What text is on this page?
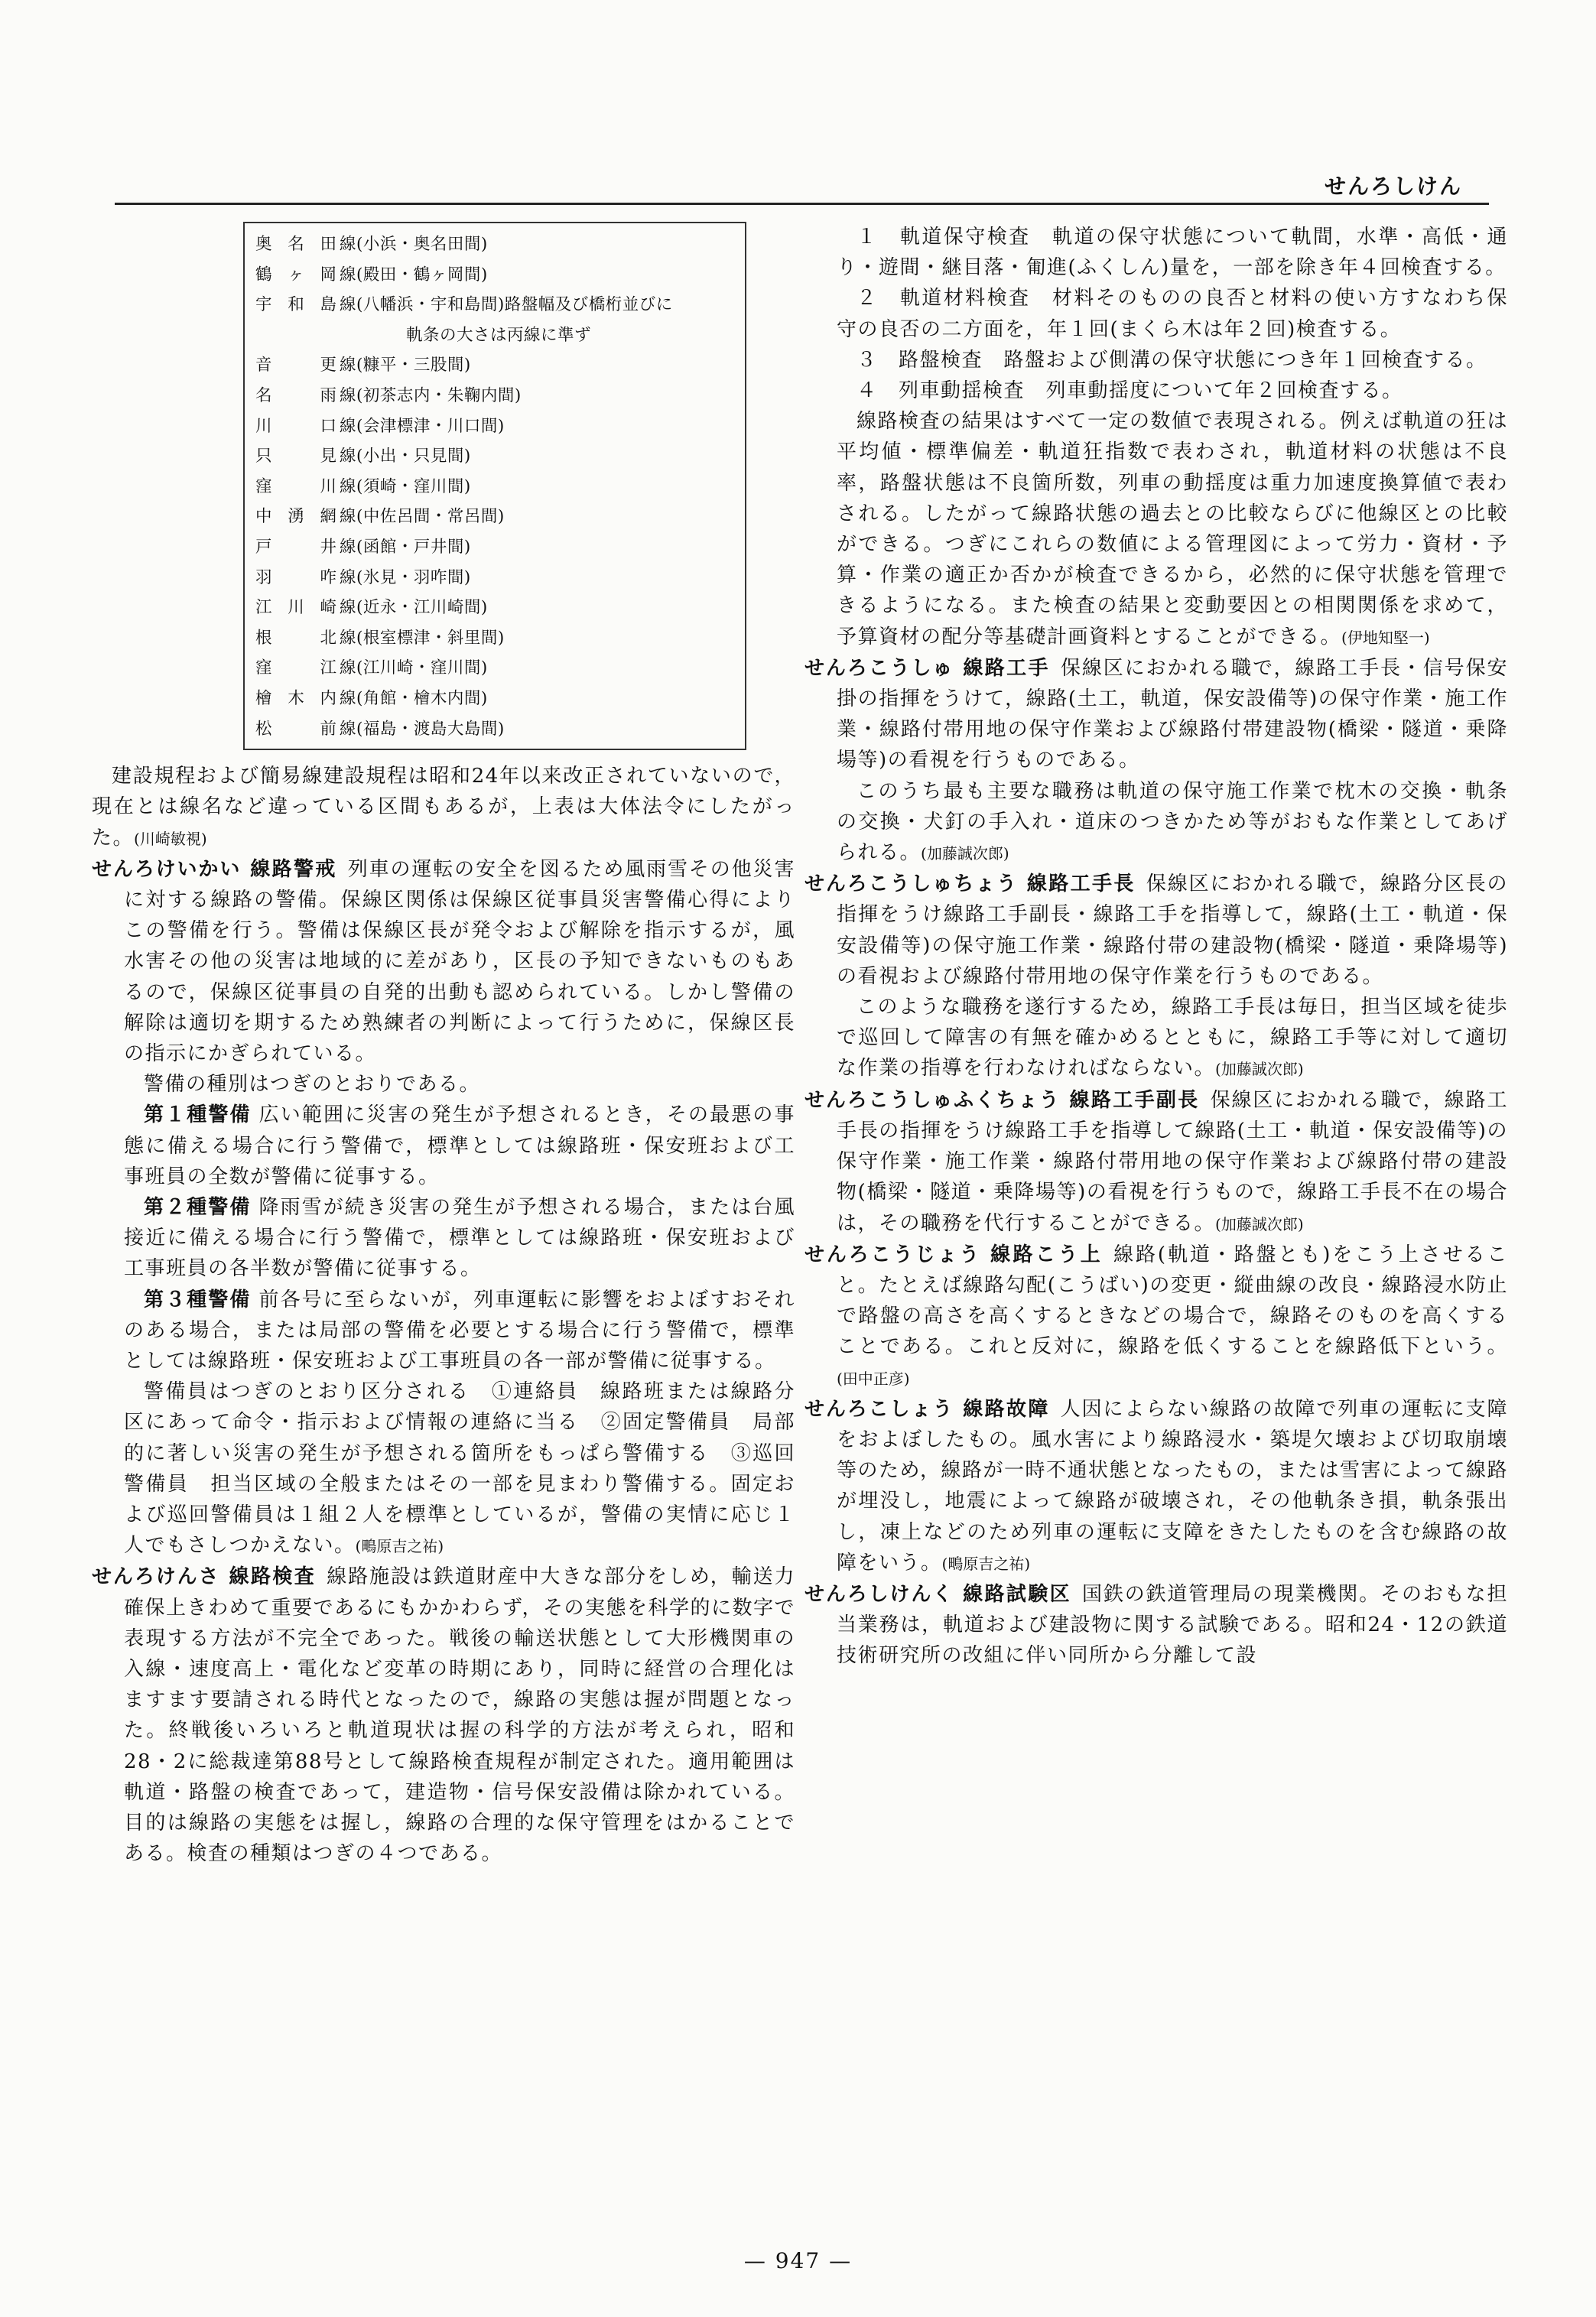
せんろしけん
奥名田線(小浜・奥名田間)
鶴ヶ岡線(殿田・鶴ヶ岡間)
宇和島線(八幡浜・宇和島間)路盤幅及び橋桁並びに
軌条の大さは丙線に準ず
音　更線(糠平・三股間)
名　雨線(初茶志内・朱鞠内間)
川　口線(会津標津・川口間)
只　見線(小出・只見間)
窪　川線(須崎・窪川間)
中湧網線(中佐呂間・常呂間)
戸　井線(函館・戸井間)
羽　咋線(氷見・羽咋間)
江川崎線(近永・江川崎間)
根　北線(根室標津・斜里間)
窪　江線(江川崎・窪川間)
檜木内線(角館・檜木内間)
松　前線(福島・渡島大島間)

建設規程および簡易線建設規程は昭和24年以来改正されていないので，現在とは線名など違っている区間もあるが，上表は大体法令にしたがった。(川崎敏視)

せんろけいかい 線路警戒 列車の運転の安全を図るため風雨雪その他災害に対する線路の警備。保線区関係は保線区従事員災害警備心得によりこの警備を行う。警備は保線区長が発令および解除を指示するが，風水害その他の災害は地域的に差があり，区長の予知できないものもあるので，保線区従事員の自発的出動も認められている。しかし警備の解除は適切を期するため熟練者の判断によって行うために，保線区長の指示にかぎられている。

警備の種別はつぎのとおりである。

第１種警備 広い範囲に災害の発生が予想されるとき，その最悪の事態に備える場合に行う警備で，標準としては線路班・保安班および工事班員の全数が警備に従事する。

第２種警備 降雨雪が続き災害の発生が予想される場合，または台風接近に備える場合に行う警備で，標準としては線路班・保安班および工事班員の各半数が警備に従事する。

第３種警備 前各号に至らないが，列車運転に影響をおよぼすおそれのある場合，または局部の警備を必要とする場合に行う警備で，標準としては線路班・保安班および工事班員の各一部が警備に従事する。

警備員はつぎのとおり区分される　①連絡員　線路班または線路分区にあって命令・指示および情報の連絡に当る　②固定警備員　局部的に著しい災害の発生が予想される箇所をもっぱら警備する　③巡回警備員　担当区域の全般またはその一部を見まわり警備する。固定および巡回警備員は１組２人を標準としているが，警備の実情に応じ１人でもさしつかえない。(鴫原吉之祐)

せんろけんさ 線路検査 線路施設は鉄道財産中大きな部分をしめ，輸送力確保上きわめて重要であるにもかかわらず，その実態を科学的に数字で表現する方法が不完全であった。戦後の輸送状態として大形機関車の入線・速度高上・電化など変革の時期にあり，同時に経営の合理化はますます要請される時代となったので，線路の実態は握が問題となった。終戦後いろいろと軌道現状は握の科学的方法が考えられ，昭和28・2に総裁達第88号として線路検査規程が制定された。適用範囲は軌道・路盤の検査であって，建造物・信号保安設備は除かれている。目的は線路の実態をは握し，線路の合理的な保守管理をはかることである。検査の種類はつぎの４つである。

１　軌道保守検査　軌道の保守状態について軌間，水準・高低・通り・遊間・継目落・匍進(ふくしん)量を，一部を除き年４回検査する。

２　軌道材料検査　材料そのものの良否と材料の使い方すなわち保守の良否の二方面を，年１回(まくら木は年２回)検査する。

３　路盤検査　路盤および側溝の保守状態につき年１回検査する。

４　列車動揺検査　列車動揺度について年２回検査する。

線路検査の結果はすべて一定の数値で表現される。例えば軌道の狂は平均値・標準偏差・軌道狂指数で表わされ，軌道材料の状態は不良率，路盤状態は不良箇所数，列車の動揺度は重力加速度換算値で表わされる。したがって線路状態の過去との比較ならびに他線区との比較ができる。つぎにこれらの数値による管理図によって労力・資材・予算・作業の適正か否かが検査できるから，必然的に保守状態を管理できるようになる。また検査の結果と変動要因との相関関係を求めて，予算資材の配分等基礎計画資料とすることができる。(伊地知堅一)

せんろこうしゅ 線路工手 保線区におかれる職で，線路工手長・信号保安掛の指揮をうけて，線路(土工，軌道，保安設備等)の保守作業・施工作業・線路付帯用地の保守作業および線路付帯建設物(橋梁・隧道・乗降場等)の看視を行うものである。

このうち最も主要な職務は軌道の保守施工作業で枕木の交換・軌条の交換・犬釘の手入れ・道床のつきかため等がおもな作業としてあげられる。(加藤誠次郎)

せんろこうしゅちょう 線路工手長 保線区におかれる職で，線路分区長の指揮をうけ線路工手副長・線路工手を指導して，線路(土工・軌道・保安設備等)の保守施工作業・線路付帯の建設物(橋梁・隧道・乗降場等)の看視および線路付帯用地の保守作業を行うものである。

このような職務を遂行するため，線路工手長は毎日，担当区域を徒歩で巡回して障害の有無を確かめるとともに，線路工手等に対して適切な作業の指導を行わなければならない。(加藤誠次郎)

せんろこうしゅふくちょう 線路工手副長 保線区におかれる職で，線路工手長の指揮をうけ線路工手を指導して線路(土工・軌道・保安設備等)の保守作業・施工作業・線路付帯用地の保守作業および線路付帯の建設物(橋梁・隧道・乗降場等)の看視を行うもので，線路工手長不在の場合は，その職務を代行することができる。(加藤誠次郎)

せんろこうじょう 線路こう上 線路(軌道・路盤とも)をこう上させること。たとえば線路勾配(こうばい)の変更・縦曲線の改良・線路浸水防止で路盤の高さを高くするときなどの場合で，線路そのものを高くすることである。これと反対に，線路を低くすることを線路低下という。(田中正彦)

せんろこしょう 線路故障 人因によらない線路の故障で列車の運転に支障をおよぼしたもの。風水害により線路浸水・築堤欠壊および切取崩壊等のため，線路が一時不通状態となったもの，または雪害によって線路が埋没し，地震によって線路が破壊され，その他軌条き損，軌条張出し，凍上などのため列車の運転に支障をきたしたものを含む線路の故障をいう。(鴫原吉之祐)

せんろしけんく 線路試験区 国鉄の鉄道管理局の現業機関。そのおもな担当業務は，軌道および建設物に関する試験である。昭和24・12の鉄道技術研究所の改組に伴い同所から分離して設

— 947 —
